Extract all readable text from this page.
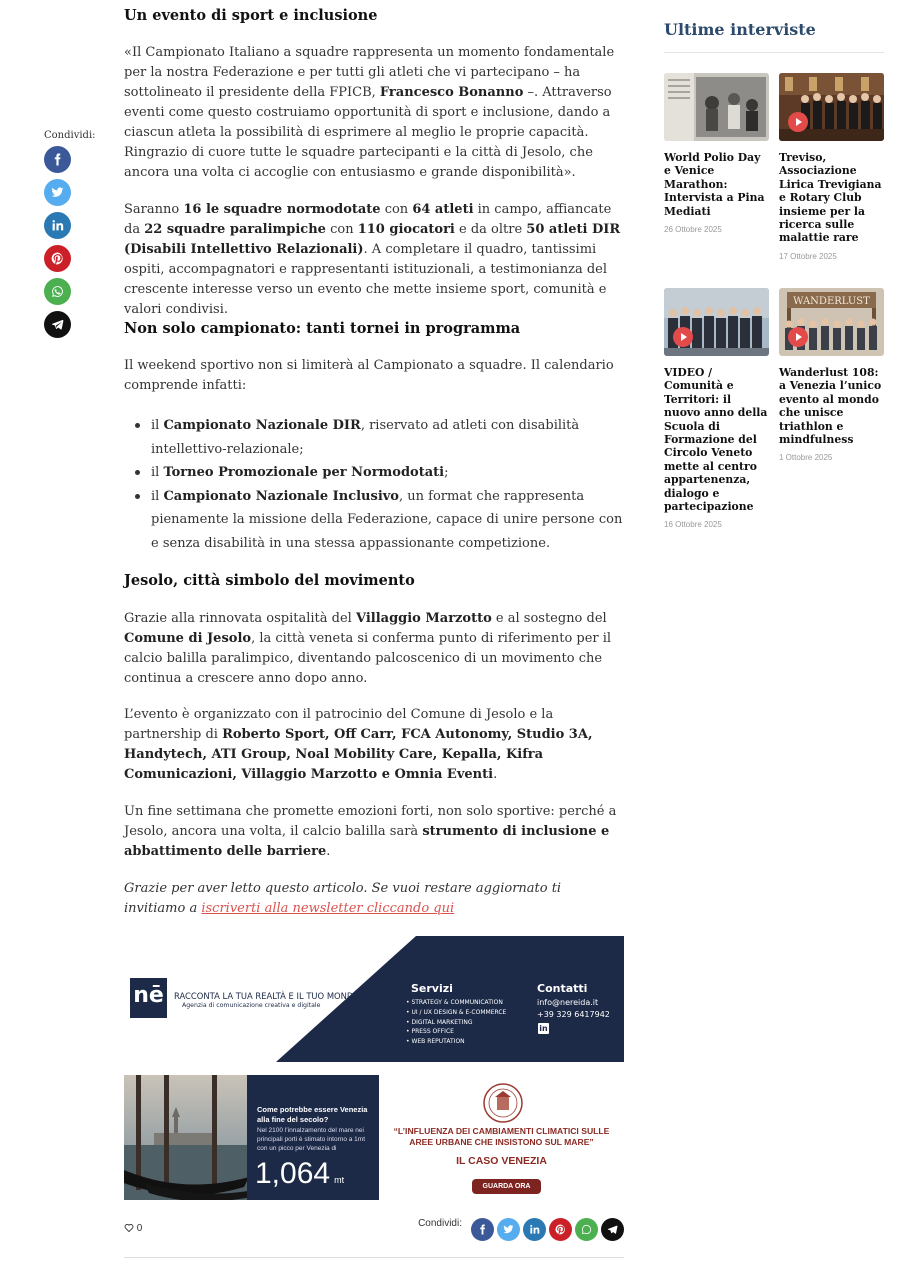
Condividi:
Un evento di sport e inclusione

«Il Campionato Italiano a squadre rappresenta un momento fondamentale per la nostra Federazione e per tutti gli atleti che vi partecipano – ha sottolineato il presidente della FPICB, Francesco Bonanno –. Attraverso eventi come questo costruiamo opportunità di sport e inclusione, dando a ciascun atleta la possibilità di esprimere al meglio le proprie capacità. Ringrazio di cuore tutte le squadre partecipanti e la città di Jesolo, che ancora una volta ci accoglie con entusiasmo e grande disponibilità».

Saranno 16 le squadre normodotate con 64 atleti in campo, affiancate da 22 squadre paralimpiche con 110 giocatori e da oltre 50 atleti DIR (Disabili Intellettivo Relazionali). A completare il quadro, tantissimi ospiti, accompagnatori e rappresentanti istituzionali, a testimonianza del crescente interesse verso un evento che mette insieme sport, comunità e valori condivisi.

Non solo campionato: tanti tornei in programma

Il weekend sportivo non si limiterà al Campionato a squadre. Il calendario comprende infatti:

il Campionato Nazionale DIR, riservato ad atleti con disabilità intellettivo-relazionale;
il Torneo Promozionale per Normodotati;
il Campionato Nazionale Inclusivo, un format che rappresenta pienamente la missione della Federazione, capace di unire persone con e senza disabilità in una stessa appassionante competizione.
Jesolo, città simbolo del movimento

Grazie alla rinnovata ospitalità del Villaggio Marzotto e al sostegno del Comune di Jesolo, la città veneta si conferma punto di riferimento per il calcio balilla paralimpico, diventando palcoscenico di un movimento che continua a crescere anno dopo anno.

L’evento è organizzato con il patrocinio del Comune di Jesolo e la partnership di Roberto Sport, Off Carr, FCA Autonomy, Studio 3A, Handytech, ATI Group, Noal Mobility Care, Kepalla, Kifra Comunicazioni, Villaggio Marzotto e Omnia Eventi.

Un fine settimana che promette emozioni forti, non solo sportive: perché a Jesolo, ancora una volta, il calcio balilla sarà strumento di inclusione e abbattimento delle barriere.

Grazie per aver letto questo articolo. Se vuoi restare aggiornato ti invitiamo a iscriverti alla newsletter cliccando qui

nē
nereidaagency
RACCONTA LA TUA REALTÀ E IL TUO MONDO
Agenzia di comunicazione creativa e digitale
Servizi
• STRATEGY & COMMUNICATION
• UI / UX DESIGN & E-COMMERCE
• DIGITAL MARKETING
• PRESS OFFICE
• WEB REPUTATION
Contatti
info@nereida.it
+39 329 6417942
in
Come potrebbe essere Venezia alla fine del secolo?
Nel 2100 l’innalzamento del mare nei principali porti è stimato intorno a 1mt con un picco per Venezia di
1,064 mt
“L’INFLUENZA DEI CAMBIAMENTI CLIMATICI SULLE AREE URBANE CHE INSISTONO SUL MARE”
IL CASO VENEZIA
GUARDA ORA
0	Condividi:
Ultime interviste
World Polio Day e Venice Marathon: Intervista a Pina Mediati
26 Ottobre 2025
Treviso, Associazione Lirica Trevigiana e Rotary Club insieme per la ricerca sulle malattie rare
17 Ottobre 2025
VIDEO / Comunità e Territori: il nuovo anno della Scuola di Formazione del Circolo Veneto mette al centro appartenenza, dialogo e partecipazione
16 Ottobre 2025
WANDERLUST
Wanderlust 108: a Venezia l’unico evento al mondo che unisce triathlon e mindfulness
1 Ottobre 2025
